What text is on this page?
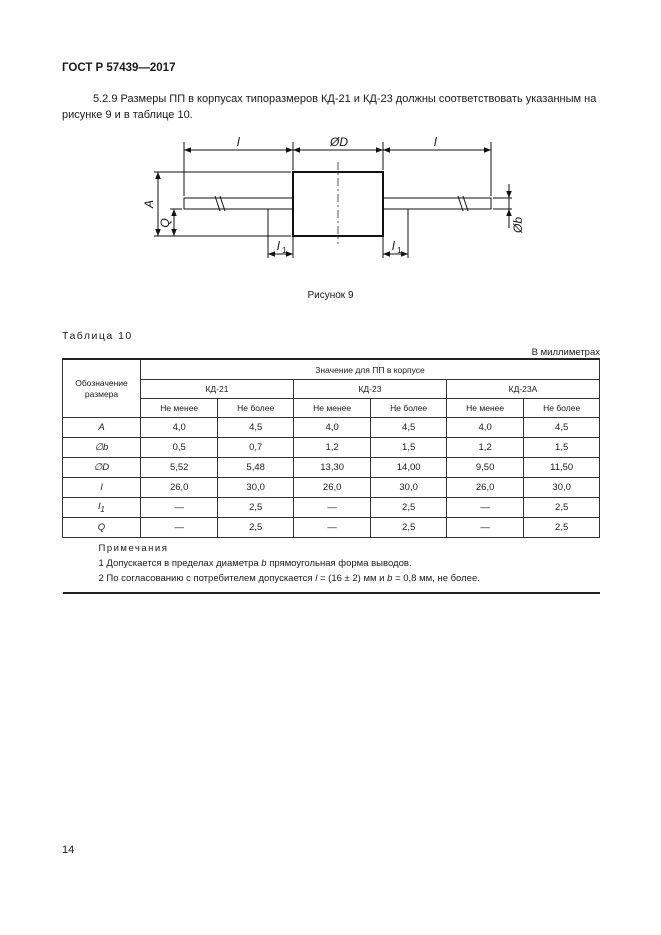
ГОСТ Р 57439—2017
5.2.9 Размеры ПП в корпусах типоразмеров КД-21 и КД-23 должны соответствовать указанным на
рисунке 9 и в таблице 10.
l	ØD	l
A
Q
l 1	l 1
Øb
Рисунок 9
Таблица 10
В миллиметрах
Обозначение размера	Значение для ПП в корпусе					
	КД-21		КД-23		КД-23А	
	Не менее	Не более	Не менее	Не более	Не менее	Не более
A	4,0	4,5	4,0	4,5	4,0	4,5
∅b	0,5	0,7	1,2	1,5	1,2	1,5
∅D	5,52	5,48	13,30	14,00	9,50	11,50
l	26,0	30,0	26,0	30,0	26,0	30,0
$l_1$	—	2,5	—	2,5	—	2,5
Q	—	2,5	—	2,5	—	2,5

Примечания
1 Допускается в пределах диаметра b прямоугольная форма выводов.
2 По согласованию с потребителем допускается l = (16 ± 2) мм и b = 0,8 мм, не более.						
14
